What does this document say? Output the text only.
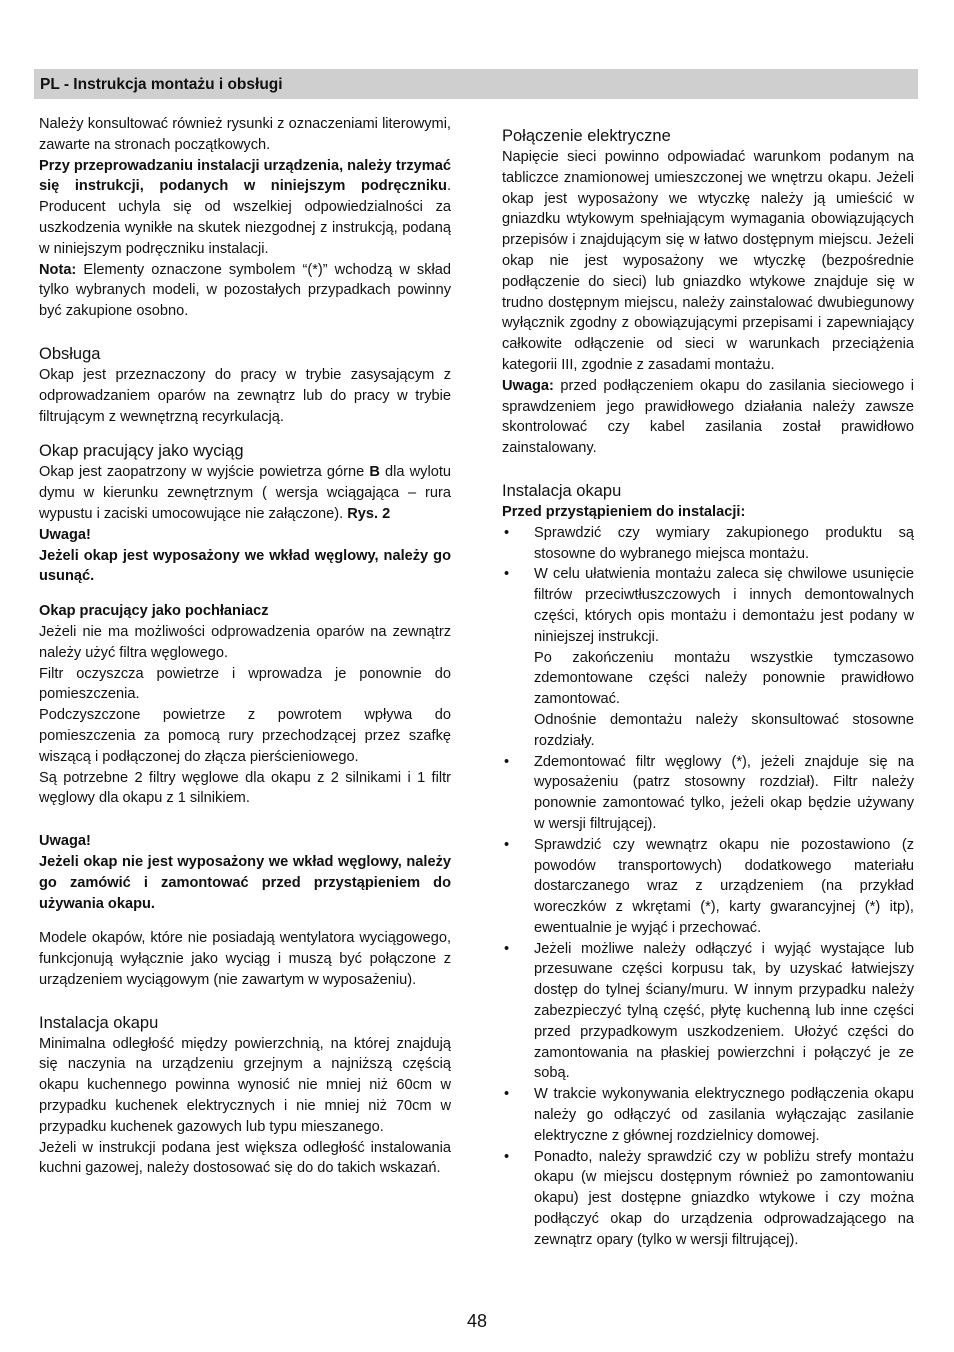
PL - Instrukcja montażu i obsługi

Należy konsultować również rysunki z oznaczeniami literowymi, zawarte na stronach początkowych.

Przy przeprowadzaniu instalacji urządzenia, należy trzymać się instrukcji, podanych w niniejszym podręczniku. Producent uchyla się od wszelkiej odpowiedzialności za uszkodzenia wynikłe na skutek niezgodnej z instrukcją, podaną w niniejszym podręczniku instalacji.

Nota: Elementy oznaczone symbolem “(*)” wchodzą w skład tylko wybranych modeli, w pozostałych przypadkach powinny być zakupione osobno.

Obsługa

Okap jest przeznaczony do pracy w trybie zasysającym z odprowadzaniem oparów na zewnątrz lub do pracy w trybie filtrującym z wewnętrzną recyrkulacją.

Okap pracujący jako wyciąg

Okap jest zaopatrzony w wyjście powietrza górne B dla wylotu dymu w kierunku zewnętrznym ( wersja wciągająca – rura wypustu i zaciski umocowujące nie załączone). Rys. 2

Uwaga!

Jeżeli okap jest wyposażony we wkład węglowy, należy go usunąć.

Okap pracujący jako pochłaniacz

Jeżeli nie ma możliwości odprowadzenia oparów na zewnątrz należy użyć filtra węglowego.

Filtr oczyszcza powietrze i wprowadza je ponownie do pomieszczenia.

Podczyszczone powietrze z powrotem wpływa do pomieszczenia za pomocą rury przechodzącej przez szafkę wiszącą i podłączonej do złącza pierścieniowego.

Są potrzebne 2 filtry węglowe dla okapu z 2 silnikami i 1 filtr węglowy dla okapu z 1 silnikiem.

Uwaga!

Jeżeli okap nie jest wyposażony we wkład węglowy, należy go zamówić i zamontować przed przystąpieniem do używania okapu.

Modele okapów, które nie posiadają wentylatora wyciągowego, funkcjonują wyłącznie jako wyciąg i muszą być połączone z urządzeniem wyciągowym (nie zawartym w wyposażeniu).

Instalacja okapu

Minimalna odległość między powierzchnią, na której znajdują się naczynia na urządzeniu grzejnym a najniższą częścią okapu kuchennego powinna wynosić nie mniej niż 60cm w przypadku kuchenek elektrycznych i nie mniej niż 70cm w przypadku kuchenek gazowych lub typu mieszanego.

Jeżeli w instrukcji podana jest większa odległość instalowania kuchni gazowej, należy dostosować się do do takich wskazań.

Połączenie elektryczne

Napięcie sieci powinno odpowiadać warunkom podanym na tabliczce znamionowej umieszczonej we wnętrzu okapu. Jeżeli okap jest wyposażony we wtyczkę należy ją umieścić w gniazdku wtykowym spełniającym wymagania obowiązujących przepisów i znajdującym się w łatwo dostępnym miejscu. Jeżeli okap nie jest wyposażony we wtyczkę (bezpośrednie podłączenie do sieci) lub gniazdko wtykowe znajduje się w trudno dostępnym miejscu, należy zainstalować dwubiegunowy wyłącznik zgodny z obowiązującymi przepisami i zapewniający całkowite odłączenie od sieci w warunkach przeciążenia kategorii III, zgodnie z zasadami montażu.

Uwaga: przed podłączeniem okapu do zasilania sieciowego i sprawdzeniem jego prawidłowego działania należy zawsze skontrolować czy kabel zasilania został prawidłowo zainstalowany.

Instalacja okapu
Przed przystąpieniem do instalacji:
• Sprawdzić czy wymiary zakupionego produktu są stosowne do wybranego miejsca montażu.

• W celu ułatwienia montażu zaleca się chwilowe usunięcie filtrów przeciwtłuszczowych i innych demontowalnych części, których opis montażu i demontażu jest podany w niniejszej instrukcji.

Po zakończeniu montażu wszystkie tymczasowo zdemontowane części należy ponownie prawidłowo zamontować.

Odnośnie demontażu należy skonsultować stosowne rozdziały.

• Zdemontować filtr węglowy (*), jeżeli znajduje się na wyposażeniu (patrz stosowny rozdział). Filtr należy ponownie zamontować tylko, jeżeli okap będzie używany w wersji filtrującej).

• Sprawdzić czy wewnątrz okapu nie pozostawiono (z powodów transportowych) dodatkowego materiału dostarczanego wraz z urządzeniem (na przykład woreczków z wkrętami (*), karty gwarancyjnej (*) itp), ewentualnie je wyjąć i przechować.

• Jeżeli możliwe należy odłączyć i wyjąć wystające lub przesuwane części korpusu tak, by uzyskać łatwiejszy dostęp do tylnej ściany/muru. W innym przypadku należy zabezpieczyć tylną część, płytę kuchenną lub inne części przed przypadkowym uszkodzeniem. Ułożyć części do zamontowania na płaskiej powierzchni i połączyć je ze sobą.

• W trakcie wykonywania elektrycznego podłączenia okapu należy go odłączyć od zasilania wyłączając zasilanie elektryczne z głównej rozdzielnicy domowej.

• Ponadto, należy sprawdzić czy w pobliżu strefy montażu okapu (w miejscu dostępnym również po zamontowaniu okapu) jest dostępne gniazdko wtykowe i czy można podłączyć okap do urządzenia odprowadzającego na zewnątrz opary (tylko w wersji filtrującej).

48
